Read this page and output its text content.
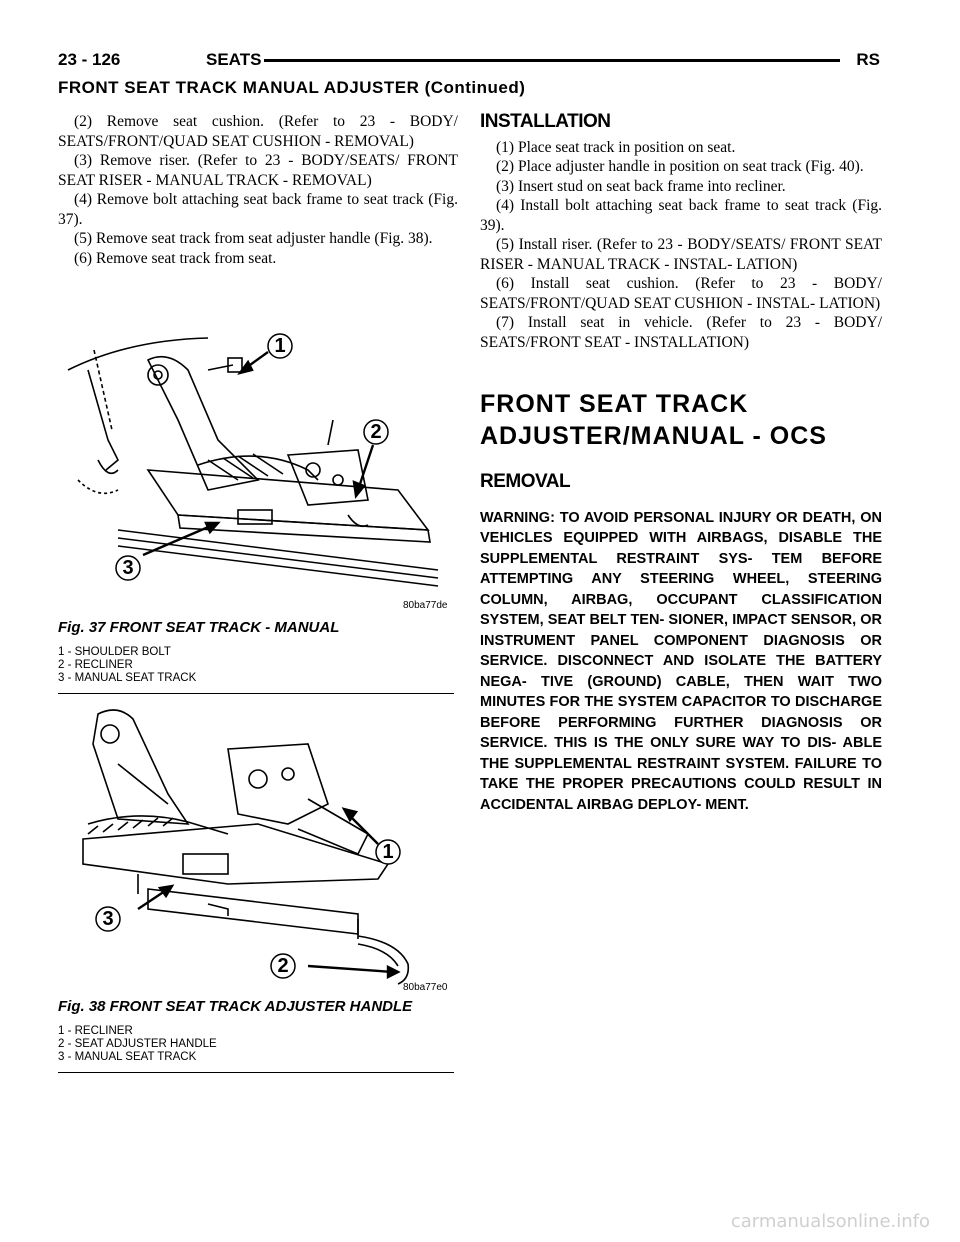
23 - 126	SEATS	RS
FRONT SEAT TRACK MANUAL ADJUSTER (Continued)

(2) Remove seat cushion. (Refer to 23 - BODY/ SEATS/FRONT/QUAD SEAT CUSHION - REMOVAL)

(3) Remove riser. (Refer to 23 - BODY/SEATS/ FRONT SEAT RISER - MANUAL TRACK - REMOVAL)

(4) Remove bolt attaching seat back frame to seat track (Fig. 37).

(5) Remove seat track from seat adjuster handle (Fig. 38).

(6) Remove seat track from seat.

1
2
3
80ba77de
Fig. 37 FRONT SEAT TRACK - MANUAL
1 - SHOULDER BOLT
2 - RECLINER
3 - MANUAL SEAT TRACK
1
2
3
80ba77e0
Fig. 38 FRONT SEAT TRACK ADJUSTER HANDLE
1 - RECLINER
2 - SEAT ADJUSTER HANDLE
3 - MANUAL SEAT TRACK
INSTALLATION

(1) Place seat track in position on seat.

(2) Place adjuster handle in position on seat track (Fig. 40).

(3) Insert stud on seat back frame into recliner.

(4) Install bolt attaching seat back frame to seat track (Fig. 39).

(5) Install riser. (Refer to 23 - BODY/SEATS/ FRONT SEAT RISER - MANUAL TRACK - INSTAL- LATION)

(6) Install seat cushion. (Refer to 23 - BODY/ SEATS/FRONT/QUAD SEAT CUSHION - INSTAL- LATION)

(7) Install seat in vehicle. (Refer to 23 - BODY/ SEATS/FRONT SEAT - INSTALLATION)

FRONT SEAT TRACK
ADJUSTER/MANUAL - OCS
REMOVAL

WARNING: TO AVOID PERSONAL INJURY OR DEATH, ON VEHICLES EQUIPPED WITH AIRBAGS, DISABLE THE SUPPLEMENTAL RESTRAINT SYS- TEM BEFORE ATTEMPTING ANY STEERING WHEEL, STEERING COLUMN, AIRBAG, OCCUPANT CLASSIFICATION SYSTEM, SEAT BELT TEN- SIONER, IMPACT SENSOR, OR INSTRUMENT PANEL COMPONENT DIAGNOSIS OR SERVICE. DISCONNECT AND ISOLATE THE BATTERY NEGA- TIVE (GROUND) CABLE, THEN WAIT TWO MINUTES FOR THE SYSTEM CAPACITOR TO DISCHARGE BEFORE PERFORMING FURTHER DIAGNOSIS OR SERVICE. THIS IS THE ONLY SURE WAY TO DIS- ABLE THE SUPPLEMENTAL RESTRAINT SYSTEM. FAILURE TO TAKE THE PROPER PRECAUTIONS COULD RESULT IN ACCIDENTAL AIRBAG DEPLOY- MENT.

carmanualsonline.info
